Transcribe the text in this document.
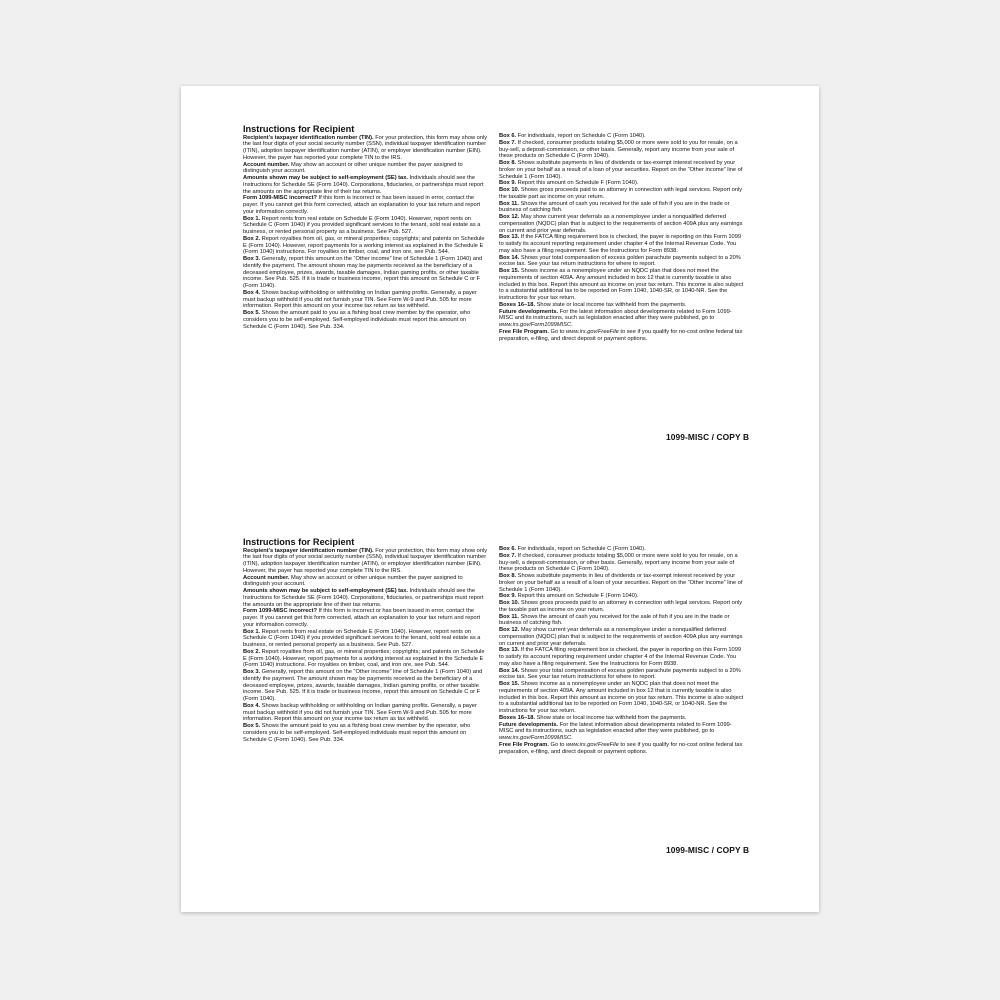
Instructions for Recipient
Recipient’s taxpayer identification number (TIN). For your protection, this form may show only the last four digits of your social security number (SSN), individual taxpayer identification number (ITIN), adoption taxpayer identification number (ATIN), or employer identification number (EIN). However, the payer has reported your complete TIN to the IRS.
Account number. May show an account or other unique number the payer assigned to distinguish your account.
Amounts shown may be subject to self-employment (SE) tax. Individuals should see the Instructions for Schedule SE (Form 1040). Corporations, fiduciaries, or partnerships must report the amounts on the appropriate line of their tax returns.
Form 1099-MISC incorrect? If this form is incorrect or has been issued in error, contact the payer. If you cannot get this form corrected, attach an explanation to your tax return and report your information correctly.
Box 1. Report rents from real estate on Schedule E (Form 1040). However, report rents on Schedule C (Form 1040) if you provided significant services to the tenant, sold real estate as a business, or rented personal property as a business. See Pub. 527.
Box 2. Report royalties from oil, gas, or mineral properties; copyrights; and patents on Schedule E (Form 1040). However, report payments for a working interest as explained in the Schedule E (Form 1040) instructions. For royalties on timber, coal, and iron ore, see Pub. 544.
Box 3. Generally, report this amount on the “Other income” line of Schedule 1 (Form 1040) and identify the payment. The amount shown may be payments received as the beneficiary of a deceased employee, prizes, awards, taxable damages, Indian gaming profits, or other taxable income. See Pub. 525. If it is trade or business income, report this amount on Schedule C or F (Form 1040).
Box 4. Shows backup withholding or withholding on Indian gaming profits. Generally, a payer must backup withhold if you did not furnish your TIN. See Form W-9 and Pub. 505 for more information. Report this amount on your income tax return as tax withheld.
Box 5. Shows the amount paid to you as a fishing boat crew member by the operator, who considers you to be self-employed. Self-employed individuals must report this amount on Schedule C (Form 1040). See Pub. 334.
Box 6. For individuals, report on Schedule C (Form 1040).
Box 7. If checked, consumer products totaling $5,000 or more were sold to you for resale, on a buy-sell, a deposit-commission, or other basis. Generally, report any income from your sale of these products on Schedule C (Form 1040).
Box 8. Shows substitute payments in lieu of dividends or tax-exempt interest received by your broker on your behalf as a result of a loan of your securities. Report on the “Other income” line of Schedule 1 (Form 1040).
Box 9. Report this amount on Schedule F (Form 1040).
Box 10. Shows gross proceeds paid to an attorney in connection with legal services. Report only the taxable part as income on your return.
Box 11. Shows the amount of cash you received for the sale of fish if you are in the trade or business of catching fish.
Box 12. May show current year deferrals as a nonemployee under a nonqualified deferred compensation (NQDC) plan that is subject to the requirements of section 409A plus any earnings on current and prior year deferrals.
Box 13. If the FATCA filing requirement box is checked, the payer is reporting on this Form 1099 to satisfy its account reporting requirement under chapter 4 of the Internal Revenue Code. You may also have a filing requirement. See the Instructions for Form 8938.
Box 14. Shows your total compensation of excess golden parachute payments subject to a 20% excise tax. See your tax return instructions for where to report.
Box 15. Shows income as a nonemployee under an NQDC plan that does not meet the requirements of section 409A. Any amount included in box 12 that is currently taxable is also included in this box. Report this amount as income on your tax return. This income is also subject to a substantial additional tax to be reported on Form 1040, 1040-SR, or 1040-NR. See the instructions for your tax return.
Boxes 16–18. Show state or local income tax withheld from the payments.
Future developments. For the latest information about developments related to Form 1099-MISC and its instructions, such as legislation enacted after they were published, go to www.irs.gov/Form1099MISC.
Free File Program. Go to www.irs.gov/FreeFile to see if you qualify for no-cost online federal tax preparation, e-filing, and direct deposit or payment options.
1099-MISC / COPY B
Instructions for Recipient
Recipient’s taxpayer identification number (TIN). For your protection, this form may show only the last four digits of your social security number (SSN), individual taxpayer identification number (ITIN), adoption taxpayer identification number (ATIN), or employer identification number (EIN). However, the payer has reported your complete TIN to the IRS.
Account number. May show an account or other unique number the payer assigned to distinguish your account.
Amounts shown may be subject to self-employment (SE) tax. Individuals should see the Instructions for Schedule SE (Form 1040). Corporations, fiduciaries, or partnerships must report the amounts on the appropriate line of their tax returns.
Form 1099-MISC incorrect? If this form is incorrect or has been issued in error, contact the payer. If you cannot get this form corrected, attach an explanation to your tax return and report your information correctly.
Box 1. Report rents from real estate on Schedule E (Form 1040). However, report rents on Schedule C (Form 1040) if you provided significant services to the tenant, sold real estate as a business, or rented personal property as a business. See Pub. 527.
Box 2. Report royalties from oil, gas, or mineral properties; copyrights; and patents on Schedule E (Form 1040). However, report payments for a working interest as explained in the Schedule E (Form 1040) instructions. For royalties on timber, coal, and iron ore, see Pub. 544.
Box 3. Generally, report this amount on the “Other income” line of Schedule 1 (Form 1040) and identify the payment. The amount shown may be payments received as the beneficiary of a deceased employee, prizes, awards, taxable damages, Indian gaming profits, or other taxable income. See Pub. 525. If it is trade or business income, report this amount on Schedule C or F (Form 1040).
Box 4. Shows backup withholding or withholding on Indian gaming profits. Generally, a payer must backup withhold if you did not furnish your TIN. See Form W-9 and Pub. 505 for more information. Report this amount on your income tax return as tax withheld.
Box 5. Shows the amount paid to you as a fishing boat crew member by the operator, who considers you to be self-employed. Self-employed individuals must report this amount on Schedule C (Form 1040). See Pub. 334.
Box 6. For individuals, report on Schedule C (Form 1040).
Box 7. If checked, consumer products totaling $5,000 or more were sold to you for resale, on a buy-sell, a deposit-commission, or other basis. Generally, report any income from your sale of these products on Schedule C (Form 1040).
Box 8. Shows substitute payments in lieu of dividends or tax-exempt interest received by your broker on your behalf as a result of a loan of your securities. Report on the “Other income” line of Schedule 1 (Form 1040).
Box 9. Report this amount on Schedule F (Form 1040).
Box 10. Shows gross proceeds paid to an attorney in connection with legal services. Report only the taxable part as income on your return.
Box 11. Shows the amount of cash you received for the sale of fish if you are in the trade or business of catching fish.
Box 12. May show current year deferrals as a nonemployee under a nonqualified deferred compensation (NQDC) plan that is subject to the requirements of section 409A plus any earnings on current and prior year deferrals.
Box 13. If the FATCA filing requirement box is checked, the payer is reporting on this Form 1099 to satisfy its account reporting requirement under chapter 4 of the Internal Revenue Code. You may also have a filing requirement. See the Instructions for Form 8938.
Box 14. Shows your total compensation of excess golden parachute payments subject to a 20% excise tax. See your tax return instructions for where to report.
Box 15. Shows income as a nonemployee under an NQDC plan that does not meet the requirements of section 409A. Any amount included in box 12 that is currently taxable is also included in this box. Report this amount as income on your tax return. This income is also subject to a substantial additional tax to be reported on Form 1040, 1040-SR, or 1040-NR. See the instructions for your tax return.
Boxes 16–18. Show state or local income tax withheld from the payments.
Future developments. For the latest information about developments related to Form 1099-MISC and its instructions, such as legislation enacted after they were published, go to www.irs.gov/Form1099MISC.
Free File Program. Go to www.irs.gov/FreeFile to see if you qualify for no-cost online federal tax preparation, e-filing, and direct deposit or payment options.
1099-MISC / COPY B
